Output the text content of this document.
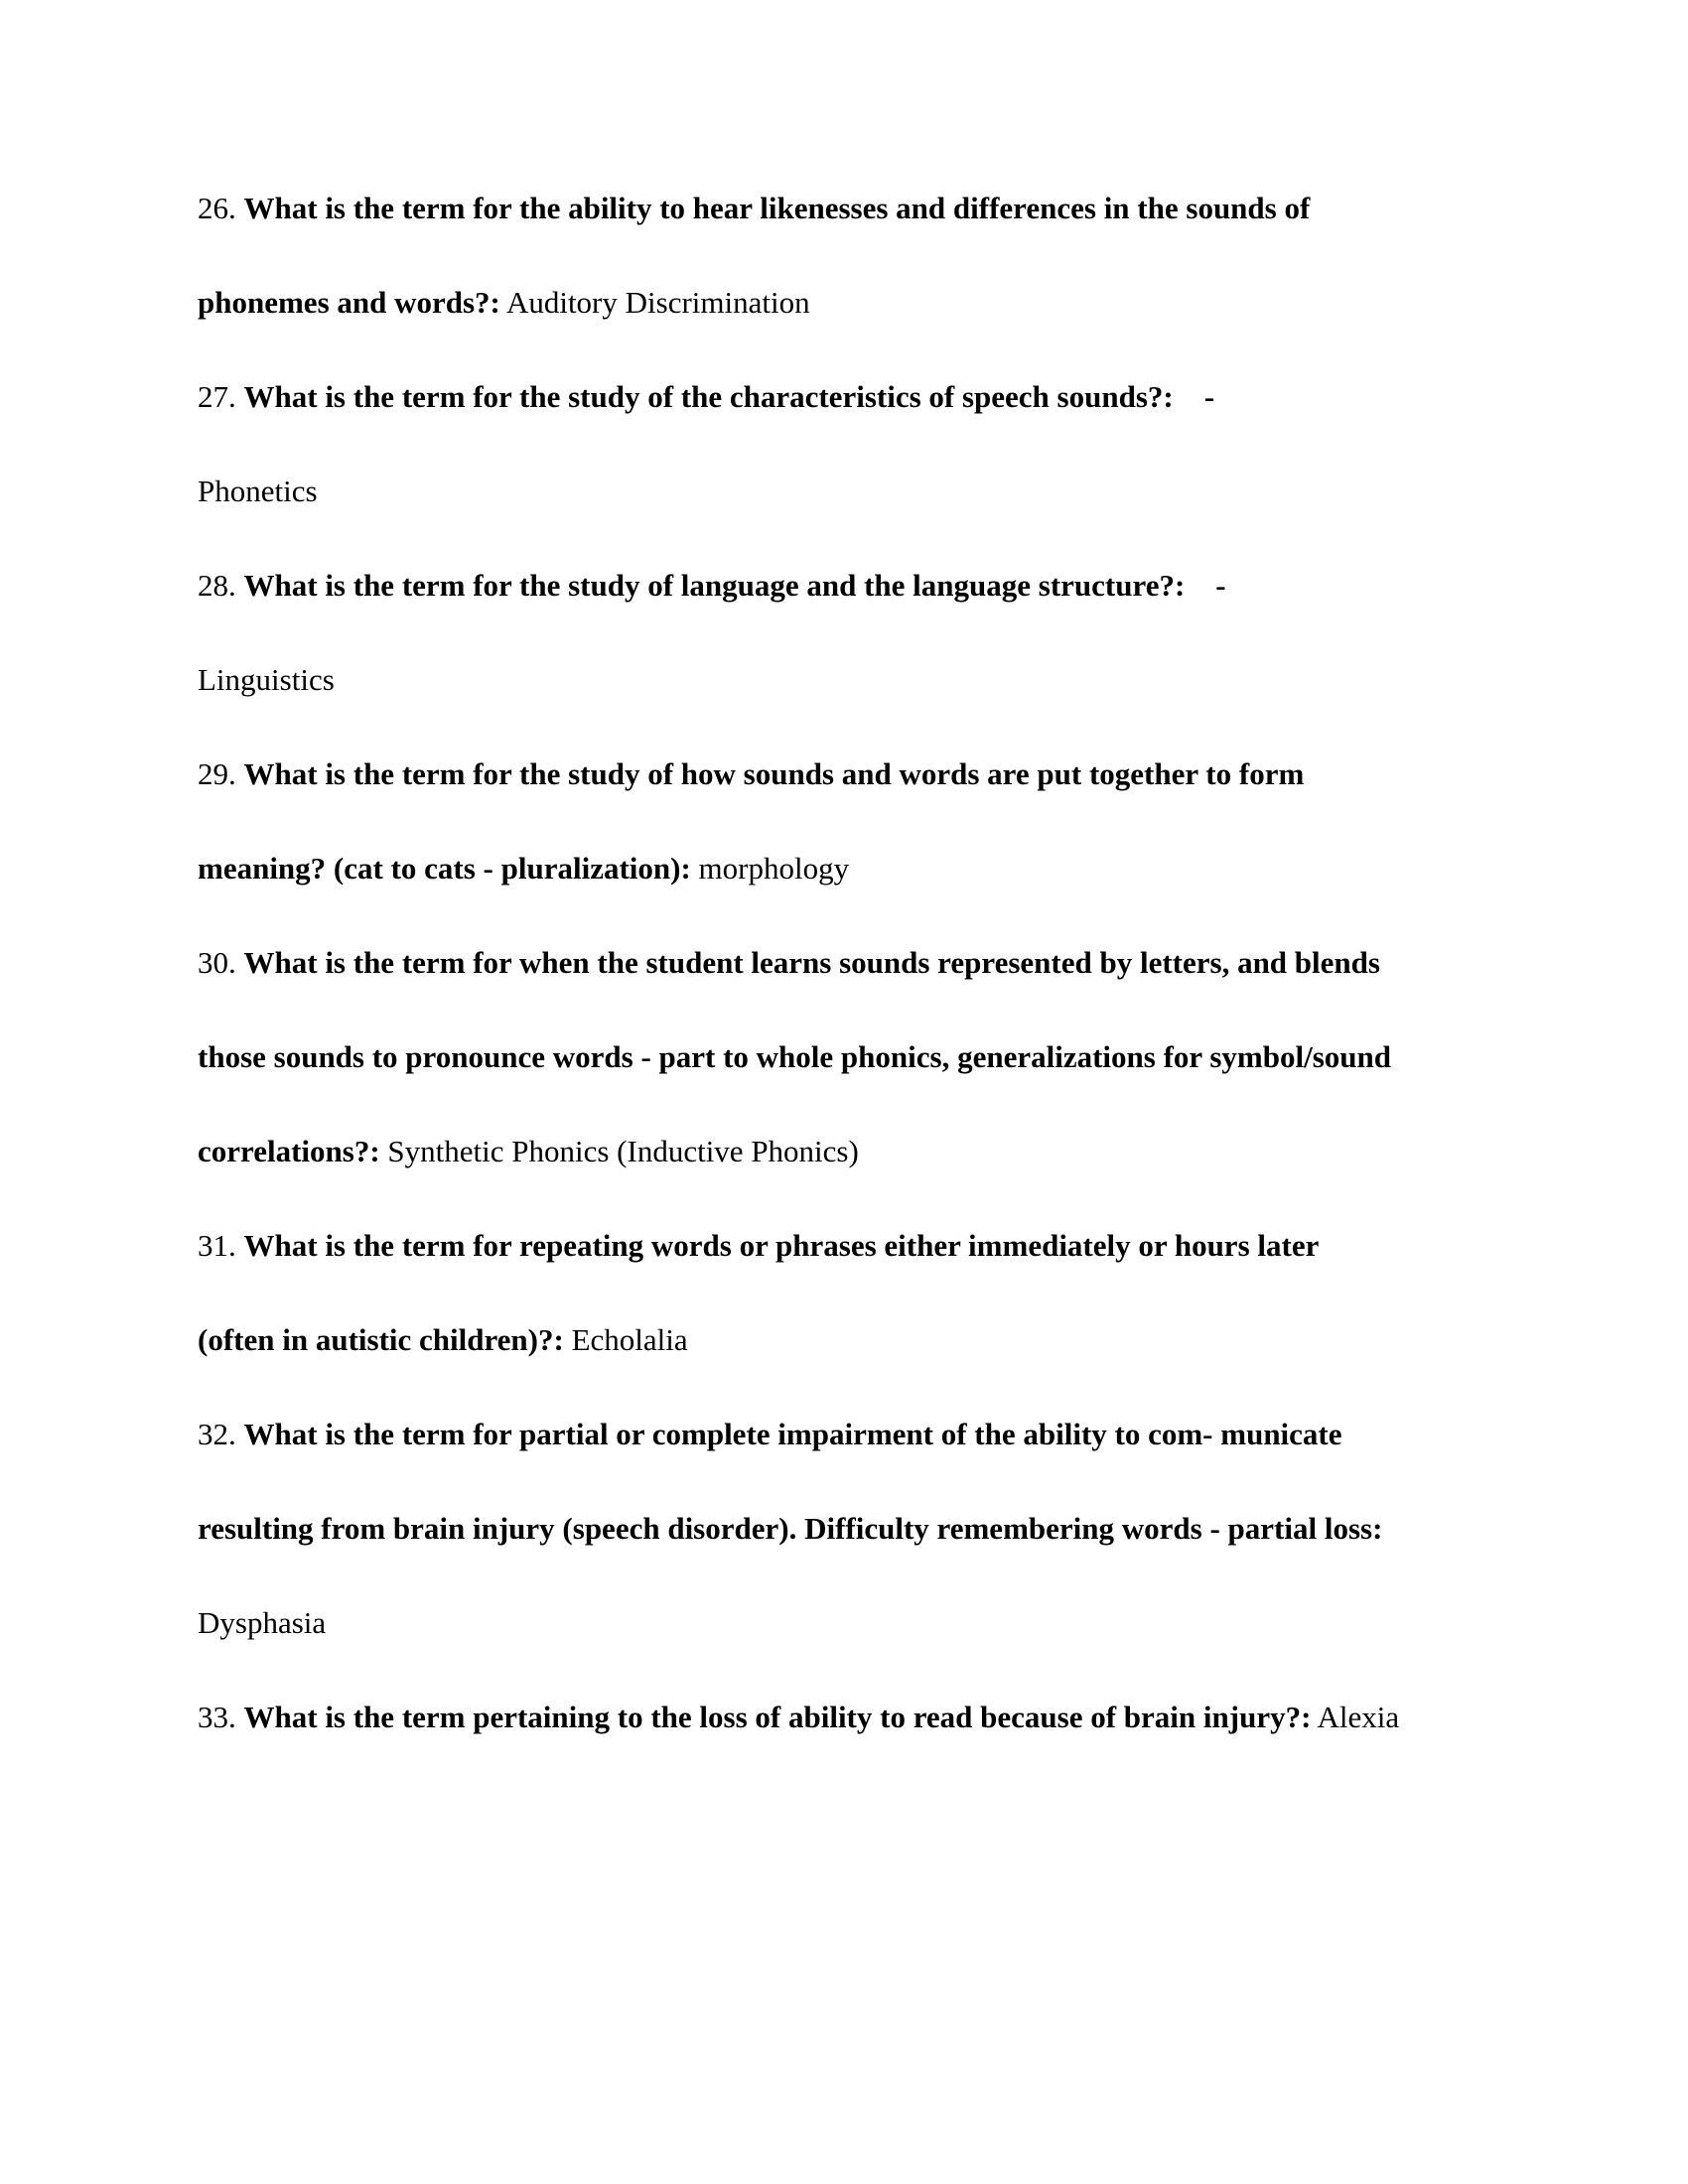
26. What is the term for the ability to hear likenesses and differences in the sounds of
phonemes and words?: Auditory Discrimination
27. What is the term for the study of the characteristics of speech sounds?:    -
Phonetics
28. What is the term for the study of language and the language structure?:    -
Linguistics
29. What is the term for the study of how sounds and words are put together to form
meaning? (cat to cats - pluralization): morphology
30. What is the term for when the student learns sounds represented by letters, and blends
those sounds to pronounce words - part to whole phonics, generalizations for symbol/sound
correlations?: Synthetic Phonics (Inductive Phonics)
31. What is the term for repeating words or phrases either immediately or hours later
(often in autistic children)?: Echolalia
32. What is the term for partial or complete impairment of the ability to com- municate
resulting from brain injury (speech disorder). Difficulty remembering words - partial loss:
Dysphasia
33. What is the term pertaining to the loss of ability to read because of brain injury?: Alexia
